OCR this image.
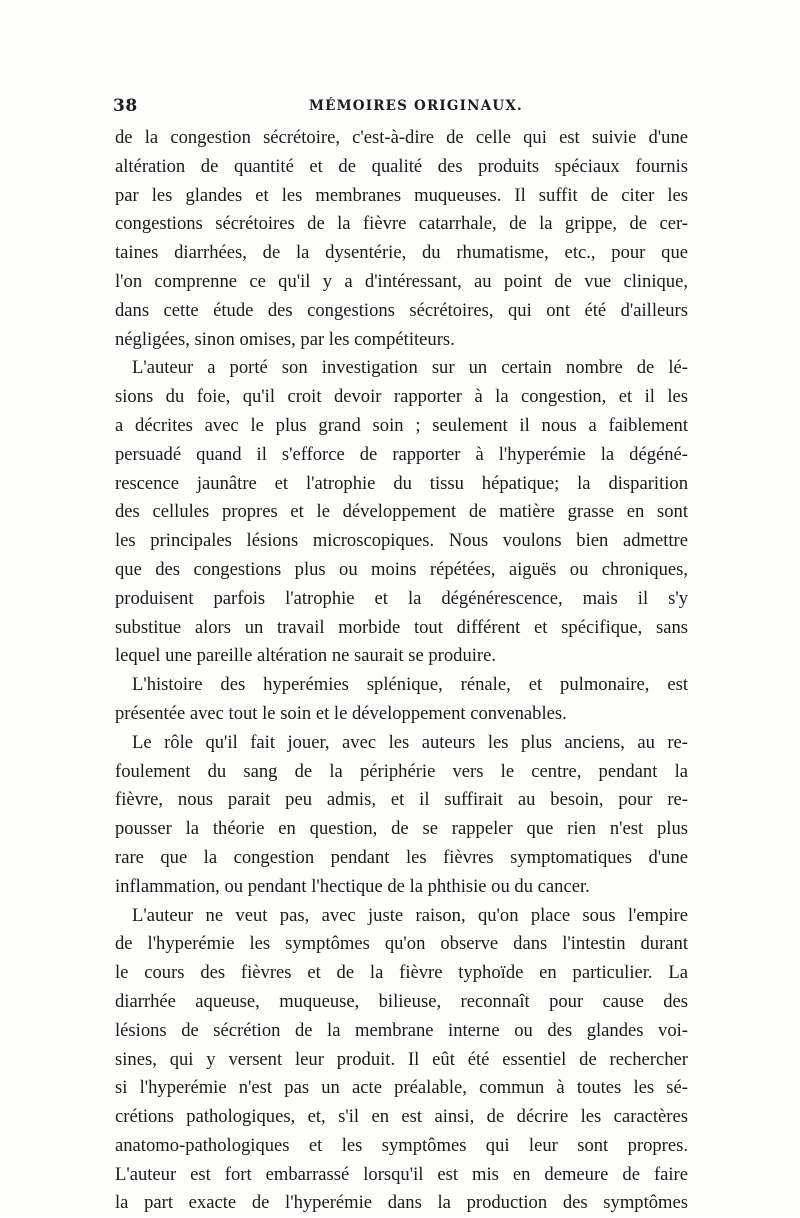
38	MÉMOIRES ORIGINAUX.
de la congestion sécrétoire, c'est-à-dire de celle qui est suivie d'une
altération de quantité et de qualité des produits spéciaux fournis
par les glandes et les membranes muqueuses. Il suffit de citer les
congestions sécrétoires de la fièvre catarrhale, de la grippe, de cer-
taines diarrhées, de la dysentérie, du rhumatisme, etc., pour que
l'on comprenne ce qu'il y a d'intéressant, au point de vue clinique,
dans cette étude des congestions sécrétoires, qui ont été d'ailleurs
négligées, sinon omises, par les compétiteurs.
L'auteur a porté son investigation sur un certain nombre de lé-
sions du foie, qu'il croit devoir rapporter à la congestion, et il les
a décrites avec le plus grand soin ; seulement il nous a faiblement
persuadé quand il s'efforce de rapporter à l'hyperémie la dégéné-
rescence jaunâtre et l'atrophie du tissu hépatique; la disparition
des cellules propres et le développement de matière grasse en sont
les principales lésions microscopiques. Nous voulons bien admettre
que des congestions plus ou moins répétées, aiguës ou chroniques,
produisent parfois l'atrophie et la dégénérescence, mais il s'y
substitue alors un travail morbide tout différent et spécifique, sans
lequel une pareille altération ne saurait se produire.
L'histoire des hyperémies splénique, rénale, et pulmonaire, est
présentée avec tout le soin et le développement convenables.
Le rôle qu'il fait jouer, avec les auteurs les plus anciens, au re-
foulement du sang de la périphérie vers le centre, pendant la
fièvre, nous parait peu admis, et il suffirait au besoin, pour re-
pousser la théorie en question, de se rappeler que rien n'est plus
rare que la congestion pendant les fièvres symptomatiques d'une
inflammation, ou pendant l'hectique de la phthisie ou du cancer.
L'auteur ne veut pas, avec juste raison, qu'on place sous l'empire
de l'hyperémie les symptômes qu'on observe dans l'intestin durant
le cours des fièvres et de la fièvre typhoïde en particulier. La
diarrhée aqueuse, muqueuse, bilieuse, reconnaît pour cause des
lésions de sécrétion de la membrane interne ou des glandes voi-
sines, qui y versent leur produit. Il eût été essentiel de rechercher
si l'hyperémie n'est pas un acte préalable, commun à toutes les sé-
crétions pathologiques, et, s'il en est ainsi, de décrire les caractères
anatomo-pathologiques et les symptômes qui leur sont propres.
L'auteur est fort embarrassé lorsqu'il est mis en demeure de faire
la part exacte de l'hyperémie dans la production des symptômes
